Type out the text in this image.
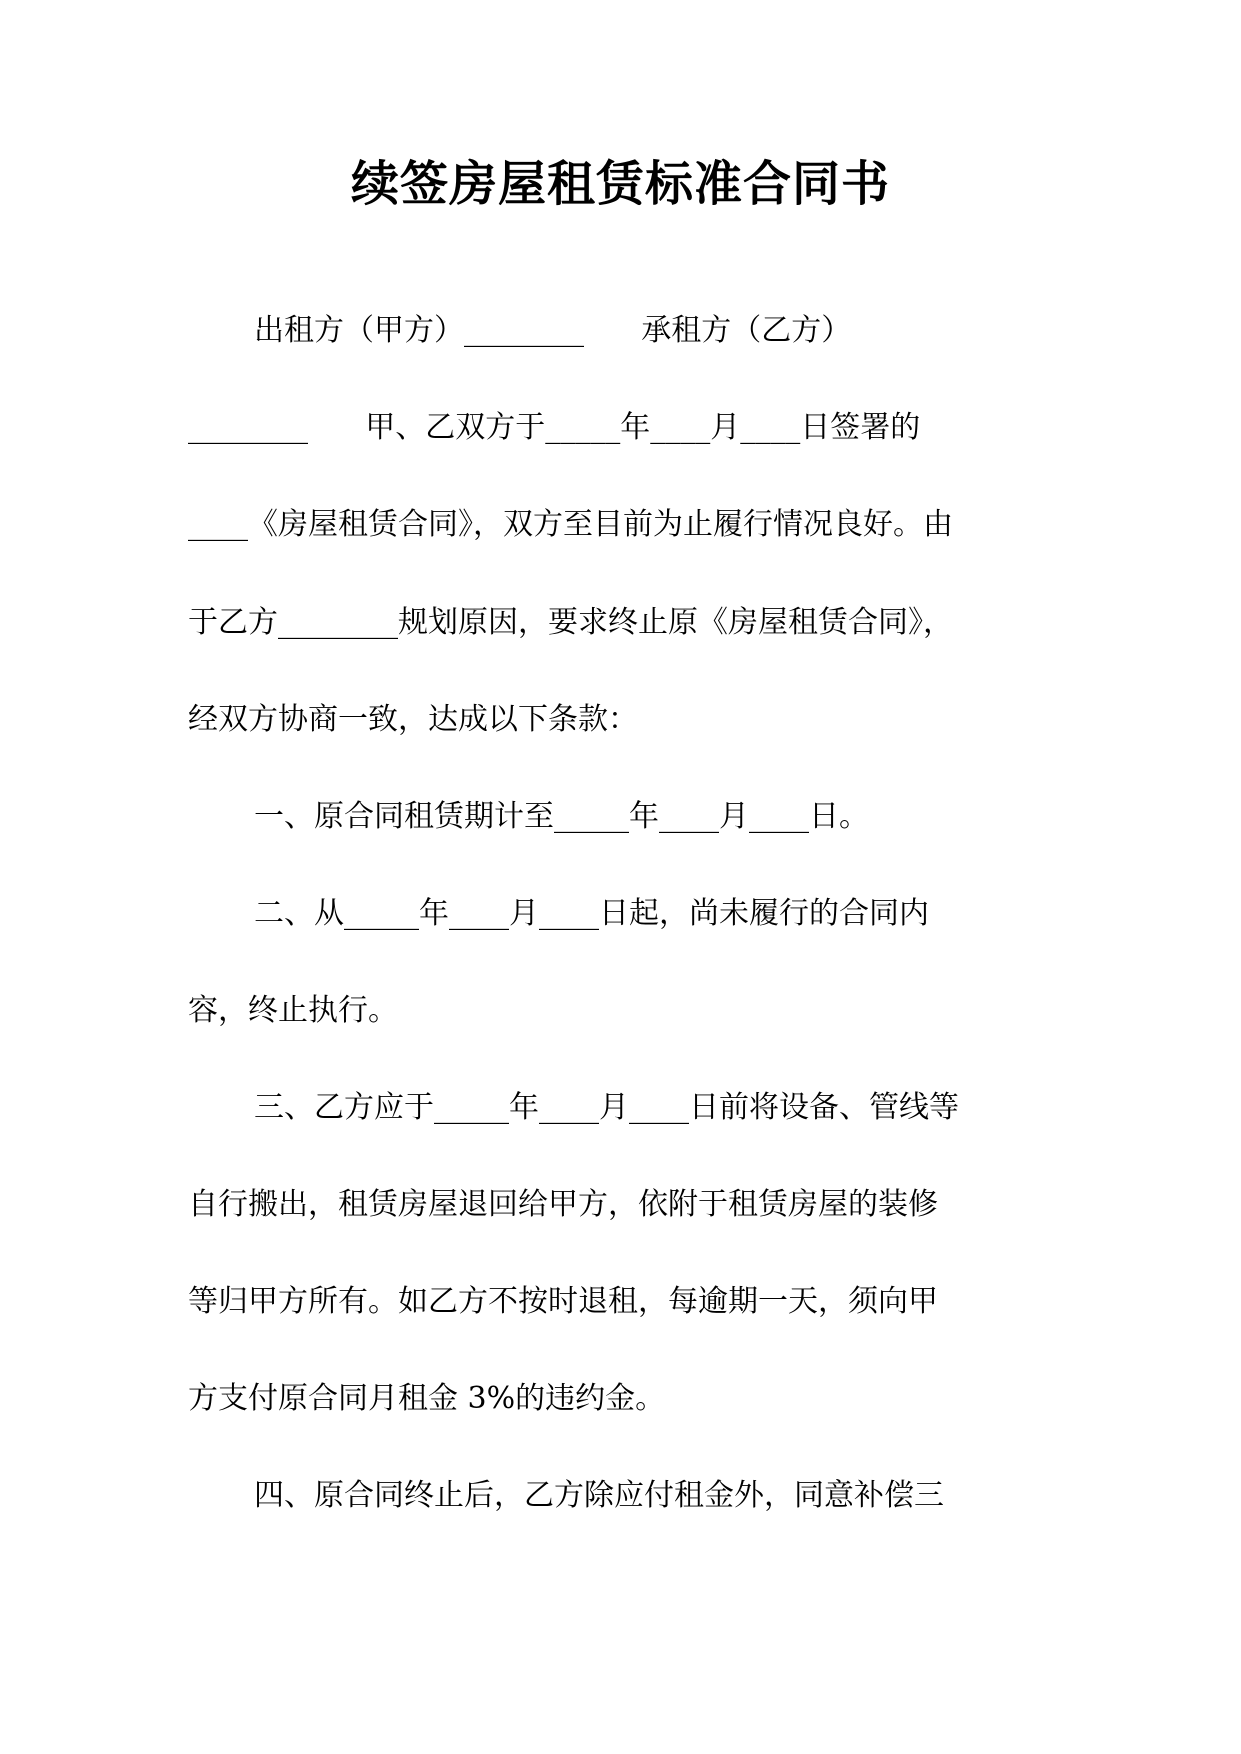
续签房屋租赁标准合同书
出租方（甲方）________      承租方（乙方）
________      甲、乙双方于_____年____月____日签署的
____《房屋租赁合同》，双方至目前为止履行情况良好。由
于乙方________规划原因，要求终止原《房屋租赁合同》，
经双方协商一致，达成以下条款：
一、原合同租赁期计至_____年____月____日。
二、从_____年____月____日起，尚未履行的合同内
容，终止执行。
三、乙方应于_____年____月____日前将设备、管线等
自行搬出，租赁房屋退回给甲方，依附于租赁房屋的装修
等归甲方所有。如乙方不按时退租，每逾期一天，须向甲
方支付原合同月租金 3%的违约金。
四、原合同终止后，乙方除应付租金外，同意补偿三
